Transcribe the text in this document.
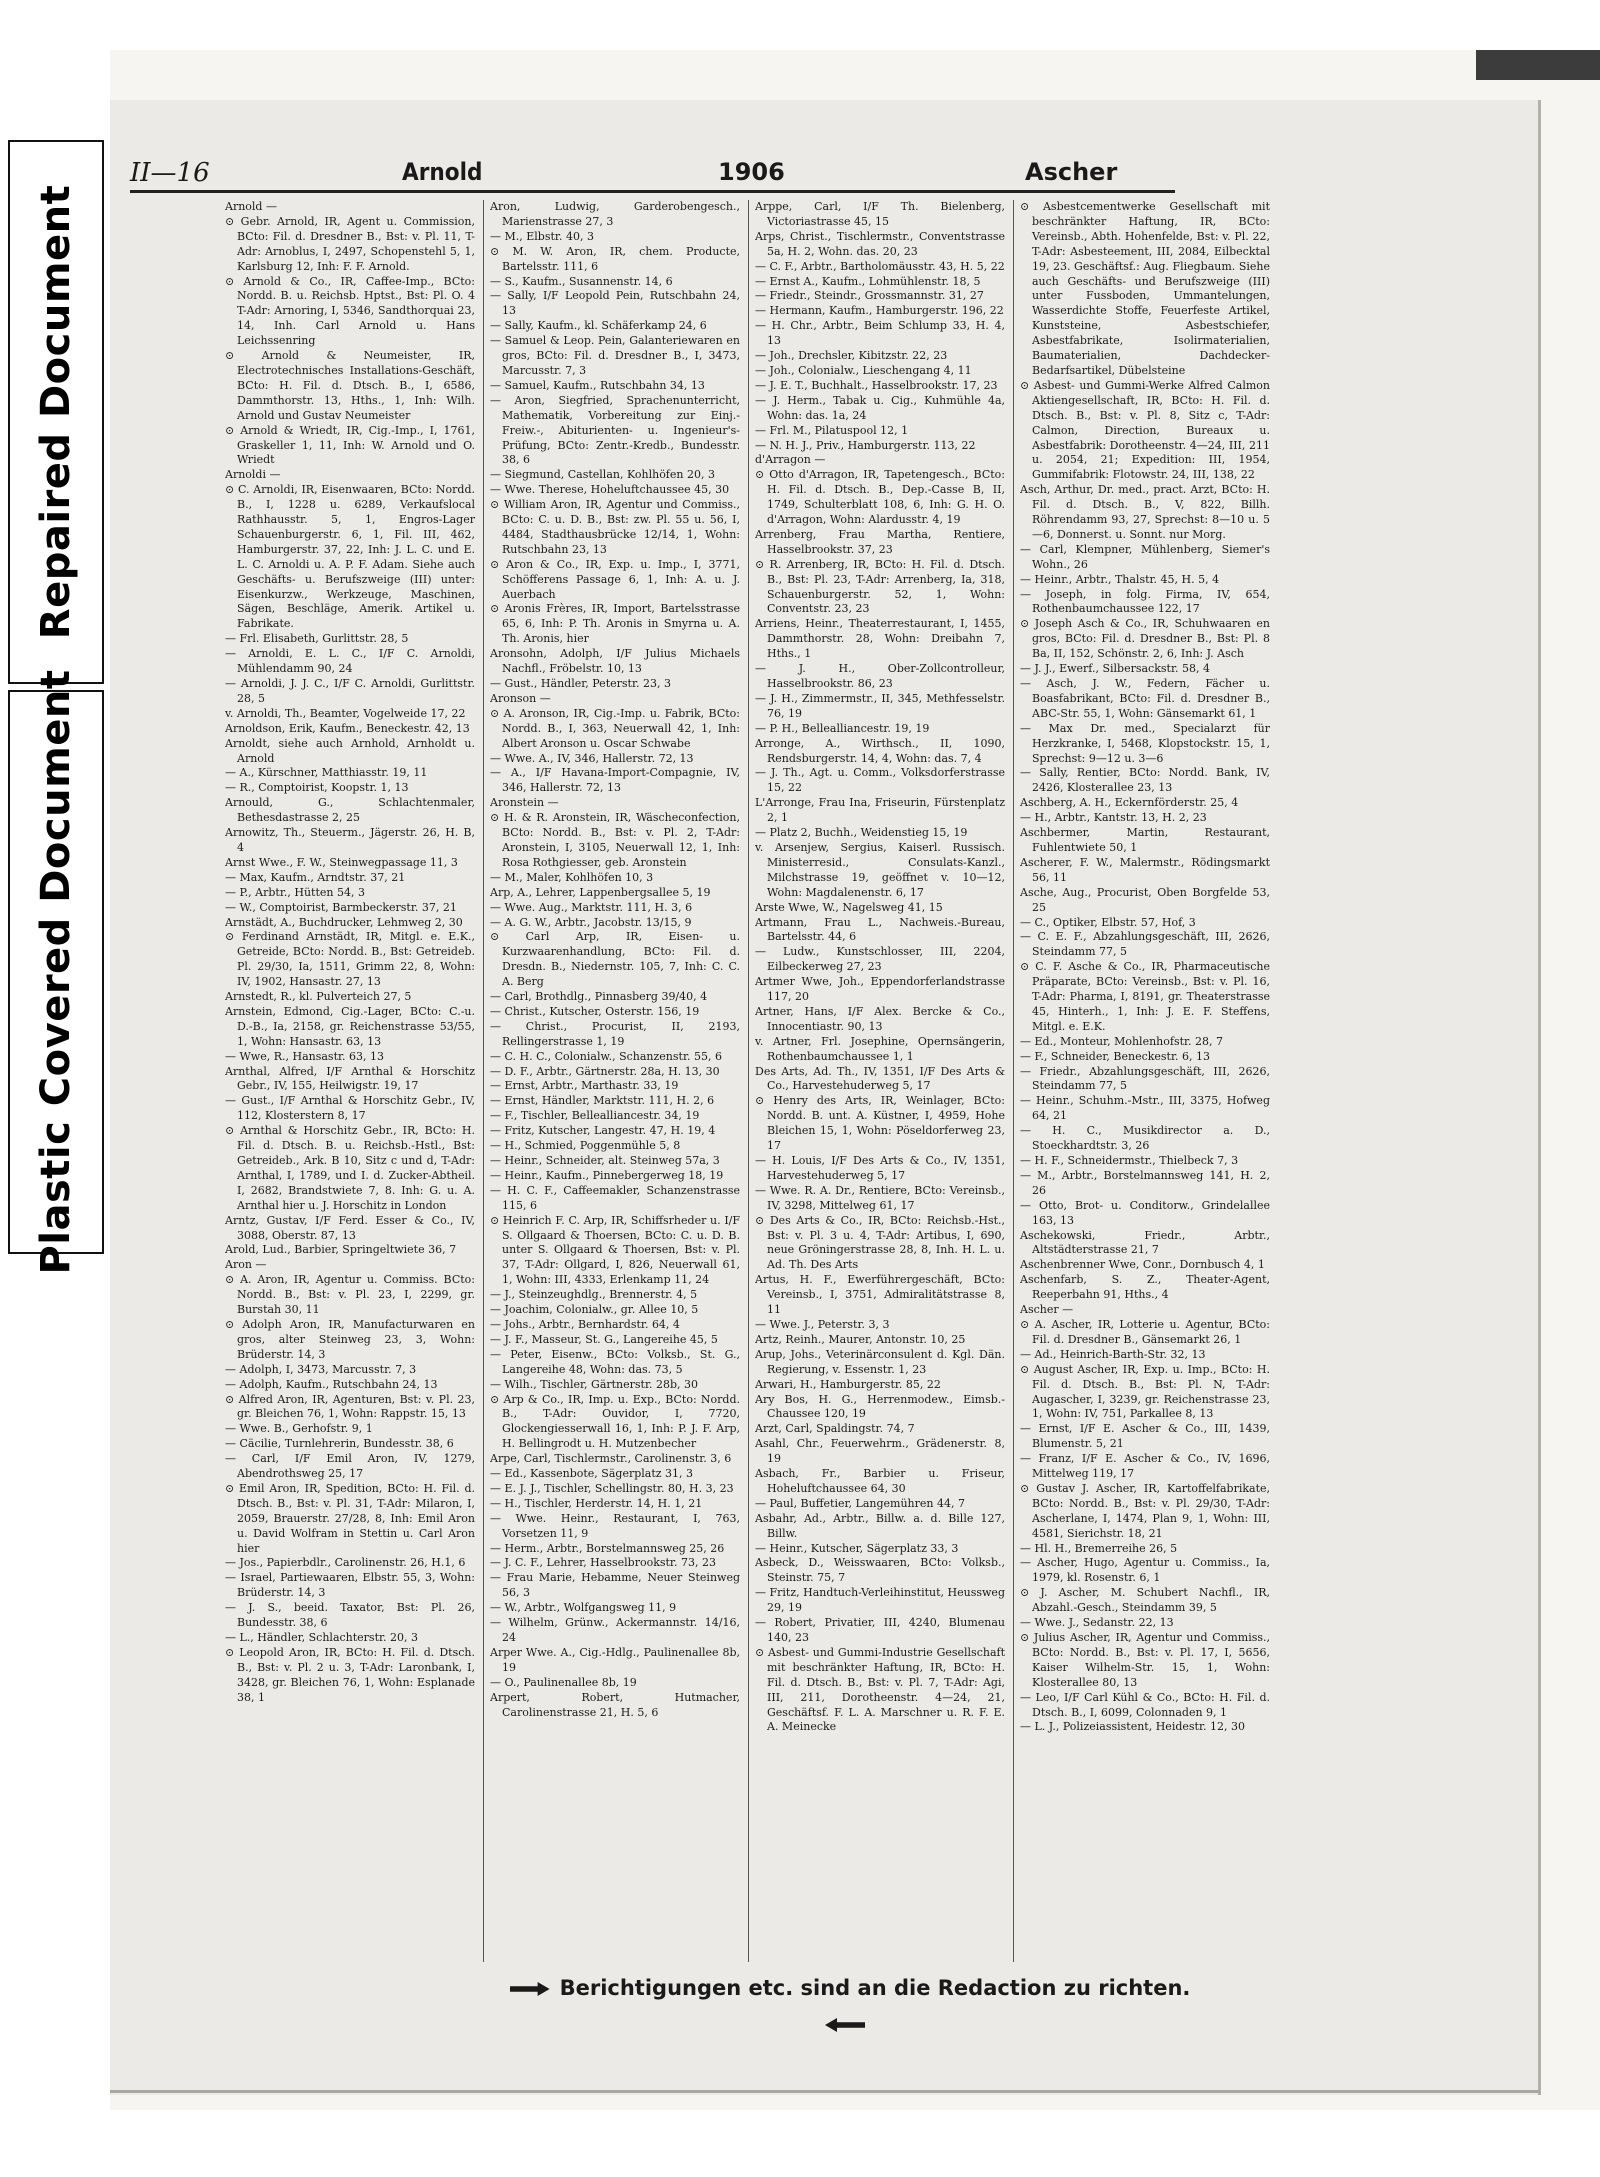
Repaired Document
Plastic Covered Document
II—16	Arnold	1906	Ascher

Arnold —

⊙ Gebr. Arnold, IR, Agent u. Commission, BCto: Fil. d. Dresdner B., Bst: v. Pl. 11, T-Adr: Arnoblus, I, 2497, Schopenstehl 5, 1, Karlsburg 12, Inh: F. F. Arnold.

⊙ Arnold & Co., IR, Caffee-Imp., BCto: Nordd. B. u. Reichsb. Hptst., Bst: Pl. O. 4 T-Adr: Arnoring, I, 5346, Sandthorquai 23, 14, Inh. Carl Arnold u. Hans Leichssenring

⊙ Arnold & Neumeister, IR, Electrotechnisches Installations-Geschäft, BCto: H. Fil. d. Dtsch. B., I, 6586, Dammthorstr. 13, Hths., 1, Inh: Wilh. Arnold und Gustav Neumeister

⊙ Arnold & Wriedt, IR, Cig.-Imp., I, 1761, Graskeller 1, 11, Inh: W. Arnold und O. Wriedt

Arnoldi —

⊙ C. Arnoldi, IR, Eisenwaaren, BCto: Nordd. B., I, 1228 u. 6289, Verkaufslocal Rathhausstr. 5, 1, Engros-Lager Schauenburgerstr. 6, 1, Fil. III, 462, Hamburgerstr. 37, 22, Inh: J. L. C. und E. L. C. Arnoldi u. A. P. F. Adam. Siehe auch Geschäfts- u. Berufszweige (III) unter: Eisenkurzw., Werkzeuge, Maschinen, Sägen, Beschläge, Amerik. Artikel u. Fabrikate.

— Frl. Elisabeth, Gurlittstr. 28, 5

— Arnoldi, E. L. C., I/F C. Arnoldi, Mühlendamm 90, 24

— Arnoldi, J. J. C., I/F C. Arnoldi, Gurlittstr. 28, 5

v. Arnoldi, Th., Beamter, Vogelweide 17, 22

Arnoldson, Erik, Kaufm., Beneckestr. 42, 13

Arnoldt, siehe auch Arnhold, Arnholdt u. Arnold

— A., Kürschner, Matthiasstr. 19, 11

— R., Comptoirist, Koopstr. 1, 13

Arnould, G., Schlachtenmaler, Bethesdastrasse 2, 25

Arnowitz, Th., Steuerm., Jägerstr. 26, H. B, 4

Arnst Wwe., F. W., Steinwegpassage 11, 3

— Max, Kaufm., Arndtstr. 37, 21

— P., Arbtr., Hütten 54, 3

— W., Comptoirist, Barmbeckerstr. 37, 21

Arnstädt, A., Buchdrucker, Lehmweg 2, 30

⊙ Ferdinand Arnstädt, IR, Mitgl. e. E.K., Getreide, BCto: Nordd. B., Bst: Getreideb. Pl. 29/30, Ia, 1511, Grimm 22, 8, Wohn: IV, 1902, Hansastr. 27, 13

Arnstedt, R., kl. Pulverteich 27, 5

Arnstein, Edmond, Cig.-Lager, BCto: C.-u. D.-B., Ia, 2158, gr. Reichenstrasse 53/55, 1, Wohn: Hansastr. 63, 13

— Wwe, R., Hansastr. 63, 13

Arnthal, Alfred, I/F Arnthal & Horschitz Gebr., IV, 155, Heilwigstr. 19, 17

— Gust., I/F Arnthal & Horschitz Gebr., IV, 112, Klosterstern 8, 17

⊙ Arnthal & Horschitz Gebr., IR, BCto: H. Fil. d. Dtsch. B. u. Reichsb.-Hstl., Bst: Getreideb., Ark. B 10, Sitz c und d, T-Adr: Arnthal, I, 1789, und I. d. Zucker-Abtheil. I, 2682, Brandstwiete 7, 8. Inh: G. u. A. Arnthal hier u. J. Horschitz in London

Arntz, Gustav, I/F Ferd. Esser & Co., IV, 3088, Oberstr. 87, 13

Arold, Lud., Barbier, Springeltwiete 36, 7

Aron —

⊙ A. Aron, IR, Agentur u. Commiss. BCto: Nordd. B., Bst: v. Pl. 23, I, 2299, gr. Burstah 30, 11

⊙ Adolph Aron, IR, Manufacturwaren en gros, alter Steinweg 23, 3, Wohn: Brüderstr. 14, 3

— Adolph, I, 3473, Marcusstr. 7, 3

— Adolph, Kaufm., Rutschbahn 24, 13

⊙ Alfred Aron, IR, Agenturen, Bst: v. Pl. 23, gr. Bleichen 76, 1, Wohn: Rappstr. 15, 13

— Wwe. B., Gerhofstr. 9, 1

— Cäcilie, Turnlehrerin, Bundesstr. 38, 6

— Carl, I/F Emil Aron, IV, 1279, Abendrothsweg 25, 17

⊙ Emil Aron, IR, Spedition, BCto: H. Fil. d. Dtsch. B., Bst: v. Pl. 31, T-Adr: Milaron, I, 2059, Brauerstr. 27/28, 8, Inh: Emil Aron u. David Wolfram in Stettin u. Carl Aron hier

— Jos., Papierbdlr., Carolinenstr. 26, H.1, 6

— Israel, Partiewaaren, Elbstr. 55, 3, Wohn: Brüderstr. 14, 3

— J. S., beeid. Taxator, Bst: Pl. 26, Bundesstr. 38, 6

— L., Händler, Schlachterstr. 20, 3

⊙ Leopold Aron, IR, BCto: H. Fil. d. Dtsch. B., Bst: v. Pl. 2 u. 3, T-Adr: Laronbank, I, 3428, gr. Bleichen 76, 1, Wohn: Esplanade 38, 1

Aron, Ludwig, Garderobengesch., Marienstrasse 27, 3

— M., Elbstr. 40, 3

⊙ M. W. Aron, IR, chem. Producte, Bartelsstr. 111, 6

— S., Kaufm., Susannenstr. 14, 6

— Sally, I/F Leopold Pein, Rutschbahn 24, 13

— Sally, Kaufm., kl. Schäferkamp 24, 6

— Samuel & Leop. Pein, Galanteriewaren en gros, BCto: Fil. d. Dresdner B., I, 3473, Marcusstr. 7, 3

— Samuel, Kaufm., Rutschbahn 34, 13

— Aron, Siegfried, Sprachenunterricht, Mathematik, Vorbereitung zur Einj.-Freiw.-, Abiturienten- u. Ingenieur's-Prüfung, BCto: Zentr.-Kredb., Bundesstr. 38, 6

— Siegmund, Castellan, Kohlhöfen 20, 3

— Wwe. Therese, Hoheluftchaussee 45, 30

⊙ William Aron, IR, Agentur und Commiss., BCto: C. u. D. B., Bst: zw. Pl. 55 u. 56, I, 4484, Stadthausbrücke 12/14, 1, Wohn: Rutschbahn 23, 13

⊙ Aron & Co., IR, Exp. u. Imp., I, 3771, Schöfferens Passage 6, 1, Inh: A. u. J. Auerbach

⊙ Aronis Frères, IR, Import, Bartelsstrasse 65, 6, Inh: P. Th. Aronis in Smyrna u. A. Th. Aronis, hier

Aronsohn, Adolph, I/F Julius Michaels Nachfl., Fröbelstr. 10, 13

— Gust., Händler, Peterstr. 23, 3

Aronson —

⊙ A. Aronson, IR, Cig.-Imp. u. Fabrik, BCto: Nordd. B., I, 363, Neuerwall 42, 1, Inh: Albert Aronson u. Oscar Schwabe

— Wwe. A., IV, 346, Hallerstr. 72, 13

— A., I/F Havana-Import-Compagnie, IV, 346, Hallerstr. 72, 13

Aronstein —

⊙ H. & R. Aronstein, IR, Wäscheconfection, BCto: Nordd. B., Bst: v. Pl. 2, T-Adr: Aronstein, I, 3105, Neuerwall 12, 1, Inh: Rosa Rothgiesser, geb. Aronstein

— M., Maler, Kohlhöfen 10, 3

Arp, A., Lehrer, Lappenbergsallee 5, 19

— Wwe. Aug., Marktstr. 111, H. 3, 6

— A. G. W., Arbtr., Jacobstr. 13/15, 9

⊙ Carl Arp, IR, Eisen- u. Kurzwaarenhandlung, BCto: Fil. d. Dresdn. B., Niedernstr. 105, 7, Inh: C. C. A. Berg

— Carl, Brothdlg., Pinnasberg 39/40, 4

— Christ., Kutscher, Osterstr. 156, 19

— Christ., Procurist, II, 2193, Rellingerstrasse 1, 19

— C. H. C., Colonialw., Schanzenstr. 55, 6

— D. F., Arbtr., Gärtnerstr. 28a, H. 13, 30

— Ernst, Arbtr., Marthastr. 33, 19

— Ernst, Händler, Marktstr. 111, H. 2, 6

— F., Tischler, Bellealliancestr. 34, 19

— Fritz, Kutscher, Langestr. 47, H. 19, 4

— H., Schmied, Poggenmühle 5, 8

— Heinr., Schneider, alt. Steinweg 57a, 3

— Heinr., Kaufm., Pinnebergerweg 18, 19

— H. C. F., Caffeemakler, Schanzenstrasse 115, 6

⊙ Heinrich F. C. Arp, IR, Schiffsrheder u. I/F S. Ollgaard & Thoersen, BCto: C. u. D. B. unter S. Ollgaard & Thoersen, Bst: v. Pl. 37, T-Adr: Ollgard, I, 826, Neuerwall 61, 1, Wohn: III, 4333, Erlenkamp 11, 24

— J., Steinzeughdlg., Brennerstr. 4, 5

— Joachim, Colonialw., gr. Allee 10, 5

— Johs., Arbtr., Bernhardstr. 64, 4

— J. F., Masseur, St. G., Langereihe 45, 5

— Peter, Eisenw., BCto: Volksb., St. G., Langereihe 48, Wohn: das. 73, 5

— Wilh., Tischler, Gärtnerstr. 28b, 30

⊙ Arp & Co., IR, Imp. u. Exp., BCto: Nordd. B., T-Adr: Ouvidor, I, 7720, Glockengiesserwall 16, 1, Inh: P. J. F. Arp, H. Bellingrodt u. H. Mutzenbecher

Arpe, Carl, Tischlermstr., Carolinenstr. 3, 6

— Ed., Kassenbote, Sägerplatz 31, 3

— E. J. J., Tischler, Schellingstr. 80, H. 3, 23

— H., Tischler, Herderstr. 14, H. 1, 21

— Wwe. Heinr., Restaurant, I, 763, Vorsetzen 11, 9

— Herm., Arbtr., Borstelmannsweg 25, 26

— J. C. F., Lehrer, Hasselbrookstr. 73, 23

— Frau Marie, Hebamme, Neuer Steinweg 56, 3

— W., Arbtr., Wolfgangsweg 11, 9

— Wilhelm, Grünw., Ackermannstr. 14/16, 24

Arper Wwe. A., Cig.-Hdlg., Paulinenallee 8b, 19

— O., Paulinenallee 8b, 19

Arpert, Robert, Hutmacher, Carolinenstrasse 21, H. 5, 6

Arppe, Carl, I/F Th. Bielenberg, Victoriastrasse 45, 15

Arps, Christ., Tischlermstr., Conventstrasse 5a, H. 2, Wohn. das. 20, 23

— C. F., Arbtr., Bartholomäusstr. 43, H. 5, 22

— Ernst A., Kaufm., Lohmühlenstr. 18, 5

— Friedr., Steindr., Grossmannstr. 31, 27

— Hermann, Kaufm., Hamburgerstr. 196, 22

— H. Chr., Arbtr., Beim Schlump 33, H. 4, 13

— Joh., Drechsler, Kibitzstr. 22, 23

— Joh., Colonialw., Lieschengang 4, 11

— J. E. T., Buchhalt., Hasselbrookstr. 17, 23

— J. Herm., Tabak u. Cig., Kuhmühle 4a, Wohn: das. 1a, 24

— Frl. M., Pilatuspool 12, 1

— N. H. J., Priv., Hamburgerstr. 113, 22

d'Arragon —

⊙ Otto d'Arragon, IR, Tapetengesch., BCto: H. Fil. d. Dtsch. B., Dep.-Casse B, II, 1749, Schulterblatt 108, 6, Inh: G. H. O. d'Arragon, Wohn: Alardusstr. 4, 19

Arrenberg, Frau Martha, Rentiere, Hasselbrookstr. 37, 23

⊙ R. Arrenberg, IR, BCto: H. Fil. d. Dtsch. B., Bst: Pl. 23, T-Adr: Arrenberg, Ia, 318, Schauenburgerstr. 52, 1, Wohn: Conventstr. 23, 23

Arriens, Heinr., Theaterrestaurant, I, 1455, Dammthorstr. 28, Wohn: Dreibahn 7, Hths., 1

— J. H., Ober-Zollcontrolleur, Hasselbrookstr. 86, 23

— J. H., Zimmermstr., II, 345, Methfesselstr. 76, 19

— P. H., Bellealliancestr. 19, 19

Arronge, A., Wirthsch., II, 1090, Rendsburgerstr. 14, 4, Wohn: das. 7, 4

— J. Th., Agt. u. Comm., Volksdorferstrasse 15, 22

L'Arronge, Frau Ina, Friseurin, Fürstenplatz 2, 1

— Platz 2, Buchh., Weidenstieg 15, 19

v. Arsenjew, Sergius, Kaiserl. Russisch. Ministerresid., Consulats-Kanzl., Milchstrasse 19, geöffnet v. 10—12, Wohn: Magdalenenstr. 6, 17

Arste Wwe, W., Nagelsweg 41, 15

Artmann, Frau L., Nachweis.-Bureau, Bartelsstr. 44, 6

— Ludw., Kunstschlosser, III, 2204, Eilbeckerweg 27, 23

Artmer Wwe, Joh., Eppendorferlandstrasse 117, 20

Artner, Hans, I/F Alex. Bercke & Co., Innocentiastr. 90, 13

v. Artner, Frl. Josephine, Opernsängerin, Rothenbaumchaussee 1, 1

Des Arts, Ad. Th., IV, 1351, I/F Des Arts & Co., Harvestehuderweg 5, 17

⊙ Henry des Arts, IR, Weinlager, BCto: Nordd. B. unt. A. Küstner, I, 4959, Hohe Bleichen 15, 1, Wohn: Pöseldorferweg 23, 17

— H. Louis, I/F Des Arts & Co., IV, 1351, Harvestehuderweg 5, 17

— Wwe. R. A. Dr., Rentiere, BCto: Vereinsb., IV, 3298, Mittelweg 61, 17

⊙ Des Arts & Co., IR, BCto: Reichsb.-Hst., Bst: v. Pl. 3 u. 4, T-Adr: Artibus, I, 690, neue Gröningerstrasse 28, 8, Inh. H. L. u. Ad. Th. Des Arts

Artus, H. F., Ewerführergeschäft, BCto: Vereinsb., I, 3751, Admiralitätstrasse 8, 11

— Wwe. J., Peterstr. 3, 3

Artz, Reinh., Maurer, Antonstr. 10, 25

Arup, Johs., Veterinärconsulent d. Kgl. Dän. Regierung, v. Essenstr. 1, 23

Arwari, H., Hamburgerstr. 85, 22

Ary Bos, H. G., Herrenmodew., Eimsb.-Chaussee 120, 19

Arzt, Carl, Spaldingstr. 74, 7

Asahl, Chr., Feuerwehrm., Grädenerstr. 8, 19

Asbach, Fr., Barbier u. Friseur, Hoheluftchaussee 64, 30

— Paul, Buffetier, Langemühren 44, 7

Asbahr, Ad., Arbtr., Billw. a. d. Bille 127, Billw.

— Heinr., Kutscher, Sägerplatz 33, 3

Asbeck, D., Weisswaaren, BCto: Volksb., Steinstr. 75, 7

— Fritz, Handtuch-Verleihinstitut, Heussweg 29, 19

— Robert, Privatier, III, 4240, Blumenau 140, 23

⊙ Asbest- und Gummi-Industrie Gesellschaft mit beschränkter Haftung, IR, BCto: H. Fil. d. Dtsch. B., Bst: v. Pl. 7, T-Adr: Agi, III, 211, Dorotheenstr. 4—24, 21, Geschäftsf. F. L. A. Marschner u. R. F. E. A. Meinecke

⊙ Asbestcementwerke Gesellschaft mit beschränkter Haftung, IR, BCto: Vereinsb., Abth. Hohenfelde, Bst: v. Pl. 22, T-Adr: Asbesteement, III, 2084, Eilbecktal 19, 23. Geschäftsf.: Aug. Fliegbaum. Siehe auch Geschäfts- und Berufszweige (III) unter Fussboden, Ummantelungen, Wasserdichte Stoffe, Feuerfeste Artikel, Kunststeine, Asbestschiefer, Asbestfabrikate, Isolirmaterialien, Baumaterialien, Dachdecker-Bedarfsartikel, Dübelsteine

⊙ Asbest- und Gummi-Werke Alfred Calmon Aktiengesellschaft, IR, BCto: H. Fil. d. Dtsch. B., Bst: v. Pl. 8, Sitz c, T-Adr: Calmon, Direction, Bureaux u. Asbestfabrik: Dorotheenstr. 4—24, III, 211 u. 2054, 21; Expedition: III, 1954, Gummifabrik: Flotowstr. 24, III, 138, 22

Asch, Arthur, Dr. med., pract. Arzt, BCto: H. Fil. d. Dtsch. B., V, 822, Billh. Röhrendamm 93, 27, Sprechst: 8—10 u. 5—6, Donnerst. u. Sonnt. nur Morg.

— Carl, Klempner, Mühlenberg, Siemer's Wohn., 26

— Heinr., Arbtr., Thalstr. 45, H. 5, 4

— Joseph, in folg. Firma, IV, 654, Rothenbaumchaussee 122, 17

⊙ Joseph Asch & Co., IR, Schuhwaaren en gros, BCto: Fil. d. Dresdner B., Bst: Pl. 8 Ba, II, 152, Schönstr. 2, 6, Inh: J. Asch

— J. J., Ewerf., Silbersackstr. 58, 4

— Asch, J. W., Federn, Fächer u. Boasfabrikant, BCto: Fil. d. Dresdner B., ABC-Str. 55, 1, Wohn: Gänsemarkt 61, 1

— Max Dr. med., Specialarzt für Herzkranke, I, 5468, Klopstockstr. 15, 1, Sprechst: 9—12 u. 3—6

— Sally, Rentier, BCto: Nordd. Bank, IV, 2426, Klosterallee 23, 13

Aschberg, A. H., Eckernförderstr. 25, 4

— H., Arbtr., Kantstr. 13, H. 2, 23

Aschbermer, Martin, Restaurant, Fuhlentwiete 50, 1

Ascherer, F. W., Malermstr., Rödingsmarkt 56, 11

Asche, Aug., Procurist, Oben Borgfelde 53, 25

— C., Optiker, Elbstr. 57, Hof, 3

— C. E. F., Abzahlungsgeschäft, III, 2626, Steindamm 77, 5

⊙ C. F. Asche & Co., IR, Pharmaceutische Präparate, BCto: Vereinsb., Bst: v. Pl. 16, T-Adr: Pharma, I, 8191, gr. Theaterstrasse 45, Hinterh., 1, Inh: J. E. F. Steffens, Mitgl. e. E.K.

— Ed., Monteur, Mohlenhofstr. 28, 7

— F., Schneider, Beneckestr. 6, 13

— Friedr., Abzahlungsgeschäft, III, 2626, Steindamm 77, 5

— Heinr., Schuhm.-Mstr., III, 3375, Hofweg 64, 21

— H. C., Musikdirector a. D., Stoeckhardtstr. 3, 26

— H. F., Schneidermstr., Thielbeck 7, 3

— M., Arbtr., Borstelmannsweg 141, H. 2, 26

— Otto, Brot- u. Conditorw., Grindelallee 163, 13

Aschekowski, Friedr., Arbtr., Altstädterstrasse 21, 7

Aschenbrenner Wwe, Conr., Dornbusch 4, 1

Aschenfarb, S. Z., Theater-Agent, Reeperbahn 91, Hths., 4

Ascher —

⊙ A. Ascher, IR, Lotterie u. Agentur, BCto: Fil. d. Dresdner B., Gänsemarkt 26, 1

— Ad., Heinrich-Barth-Str. 32, 13

⊙ August Ascher, IR, Exp. u. Imp., BCto: H. Fil. d. Dtsch. B., Bst: Pl. N, T-Adr: Augascher, I, 3239, gr. Reichenstrasse 23, 1, Wohn: IV, 751, Parkallee 8, 13

— Ernst, I/F E. Ascher & Co., III, 1439, Blumenstr. 5, 21

— Franz, I/F E. Ascher & Co., IV, 1696, Mittelweg 119, 17

⊙ Gustav J. Ascher, IR, Kartoffelfabrikate, BCto: Nordd. B., Bst: v. Pl. 29/30, T-Adr: Ascherlane, I, 1474, Plan 9, 1, Wohn: III, 4581, Sierichstr. 18, 21

— Hl. H., Bremerreihe 26, 5

— Ascher, Hugo, Agentur u. Commiss., Ia, 1979, kl. Rosenstr. 6, 1

⊙ J. Ascher, M. Schubert Nachfl., IR, Abzahl.-Gesch., Steindamm 39, 5

— Wwe. J., Sedanstr. 22, 13

⊙ Julius Ascher, IR, Agentur und Commiss., BCto: Nordd. B., Bst: v. Pl. 17, I, 5656, Kaiser Wilhelm-Str. 15, 1, Wohn: Klosterallee 80, 13

— Leo, I/F Carl Kühl & Co., BCto: H. Fil. d. Dtsch. B., I, 6099, Colonnaden 9, 1

— L. J., Polizeiassistent, Heidestr. 12, 30

Berichtigungen etc. sind an die Redaction zu richten.
